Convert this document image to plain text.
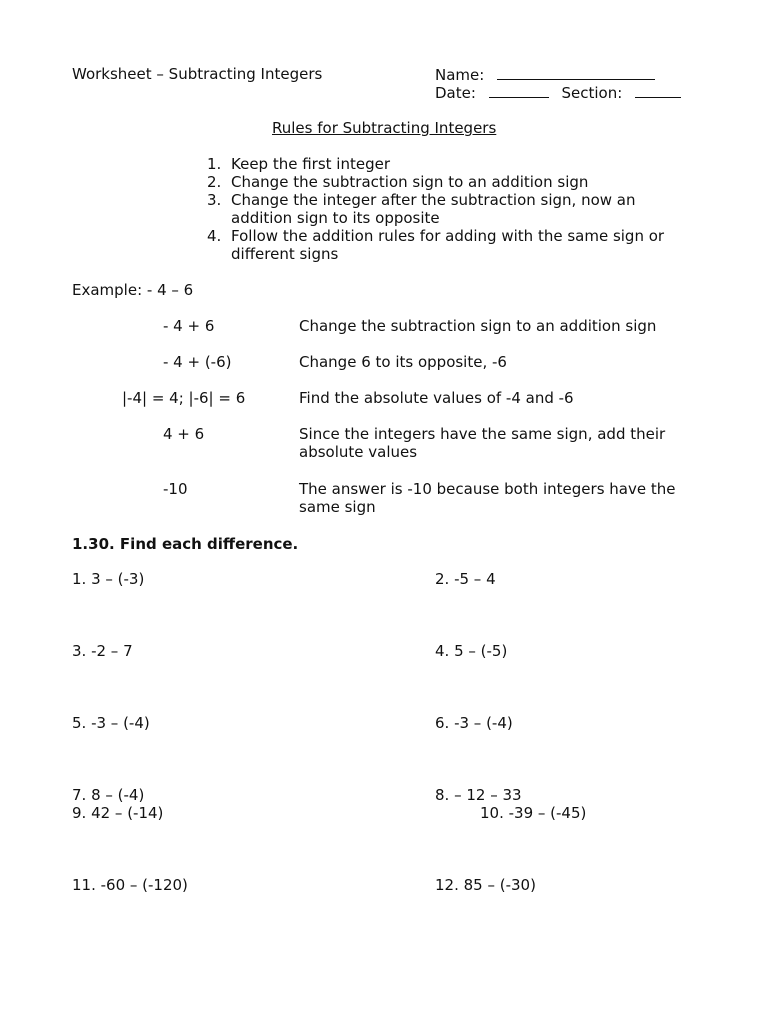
Worksheet – Subtracting Integers	Name:
Date:	Section:
Rules for Subtracting Integers
1. Keep the first integer
2. Change the subtraction sign to an addition sign
3. Change the integer after the subtraction sign, now an addition sign to its opposite
4. Follow the addition rules for adding with the same sign or different signs
Example: - 4 – 6
- 4 + 6	Change the subtraction sign to an addition sign
- 4 + (-6)	Change 6 to its opposite, -6
|-4| = 4; |-6| = 6	Find the absolute values of -4 and -6
4 + 6	Since the integers have the same sign, add their absolute values
-10	The answer is -10 because both integers have the same sign
1.30. Find each difference.
1. 3 – (-3)	2. -5 – 4
3. -2 – 7	4. 5 – (-5)
5. -3 – (-4)	6. -3 – (-4)
7. 8 – (-4)	8. – 12 – 33
9. 42 – (-14)	10. -39 – (-45)
11. -60 – (-120)	12. 85 – (-30)
